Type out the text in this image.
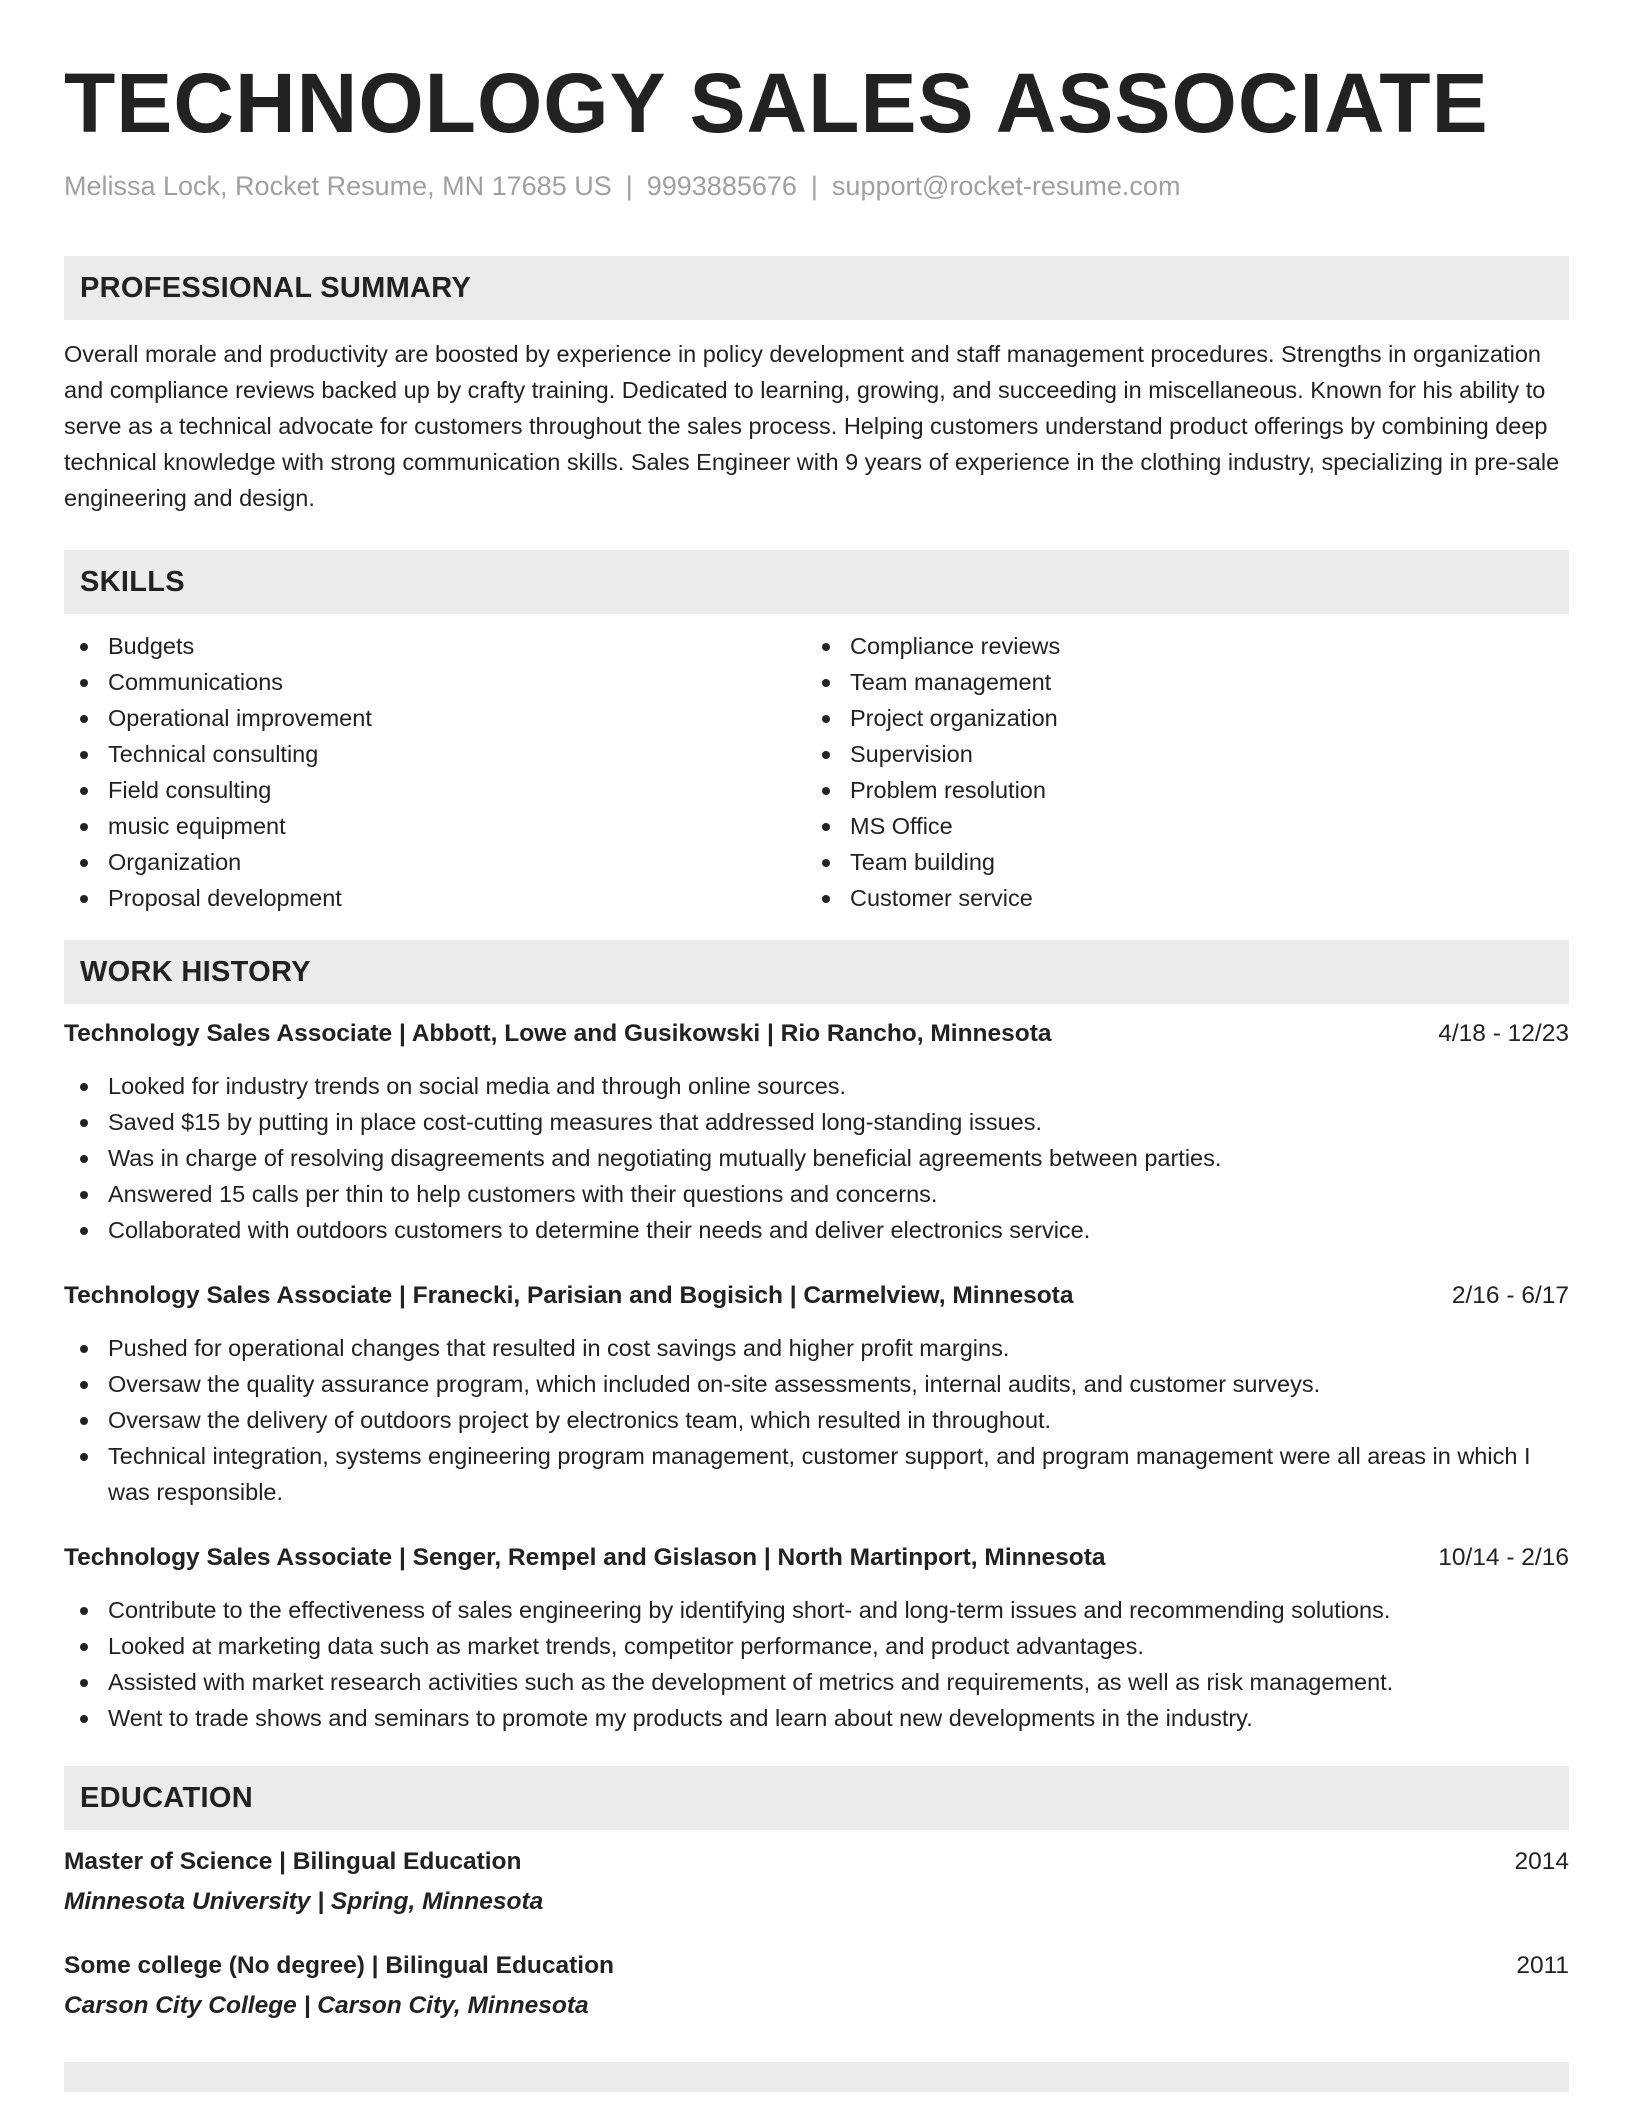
TECHNOLOGY SALES ASSOCIATE
Melissa Lock, Rocket Resume, MN 17685 US | 9993885676 | support@rocket-resume.com
PROFESSIONAL SUMMARY
Overall morale and productivity are boosted by experience in policy development and staff management procedures. Strengths in organization and compliance reviews backed up by crafty training. Dedicated to learning, growing, and succeeding in miscellaneous. Known for his ability to serve as a technical advocate for customers throughout the sales process. Helping customers understand product offerings by combining deep technical knowledge with strong communication skills. Sales Engineer with 9 years of experience in the clothing industry, specializing in pre-sale engineering and design.
SKILLS
Budgets
Communications
Operational improvement
Technical consulting
Field consulting
music equipment
Organization
Proposal development
Compliance reviews
Team management
Project organization
Supervision
Problem resolution
MS Office
Team building
Customer service
WORK HISTORY
Technology Sales Associate | Abbott, Lowe and Gusikowski | Rio Rancho, Minnesota	4/18 - 12/23
Looked for industry trends on social media and through online sources.
Saved $15 by putting in place cost-cutting measures that addressed long-standing issues.
Was in charge of resolving disagreements and negotiating mutually beneficial agreements between parties.
Answered 15 calls per thin to help customers with their questions and concerns.
Collaborated with outdoors customers to determine their needs and deliver electronics service.
Technology Sales Associate | Franecki, Parisian and Bogisich | Carmelview, Minnesota	2/16 - 6/17
Pushed for operational changes that resulted in cost savings and higher profit margins.
Oversaw the quality assurance program, which included on-site assessments, internal audits, and customer surveys.
Oversaw the delivery of outdoors project by electronics team, which resulted in throughout.
Technical integration, systems engineering program management, customer support, and program management were all areas in which I was responsible.
Technology Sales Associate | Senger, Rempel and Gislason | North Martinport, Minnesota	10/14 - 2/16
Contribute to the effectiveness of sales engineering by identifying short- and long-term issues and recommending solutions.
Looked at marketing data such as market trends, competitor performance, and product advantages.
Assisted with market research activities such as the development of metrics and requirements, as well as risk management.
Went to trade shows and seminars to promote my products and learn about new developments in the industry.
EDUCATION
Master of Science | Bilingual Education	2014
Minnesota University | Spring, Minnesota
Some college (No degree) | Bilingual Education	2011
Carson City College | Carson City, Minnesota
